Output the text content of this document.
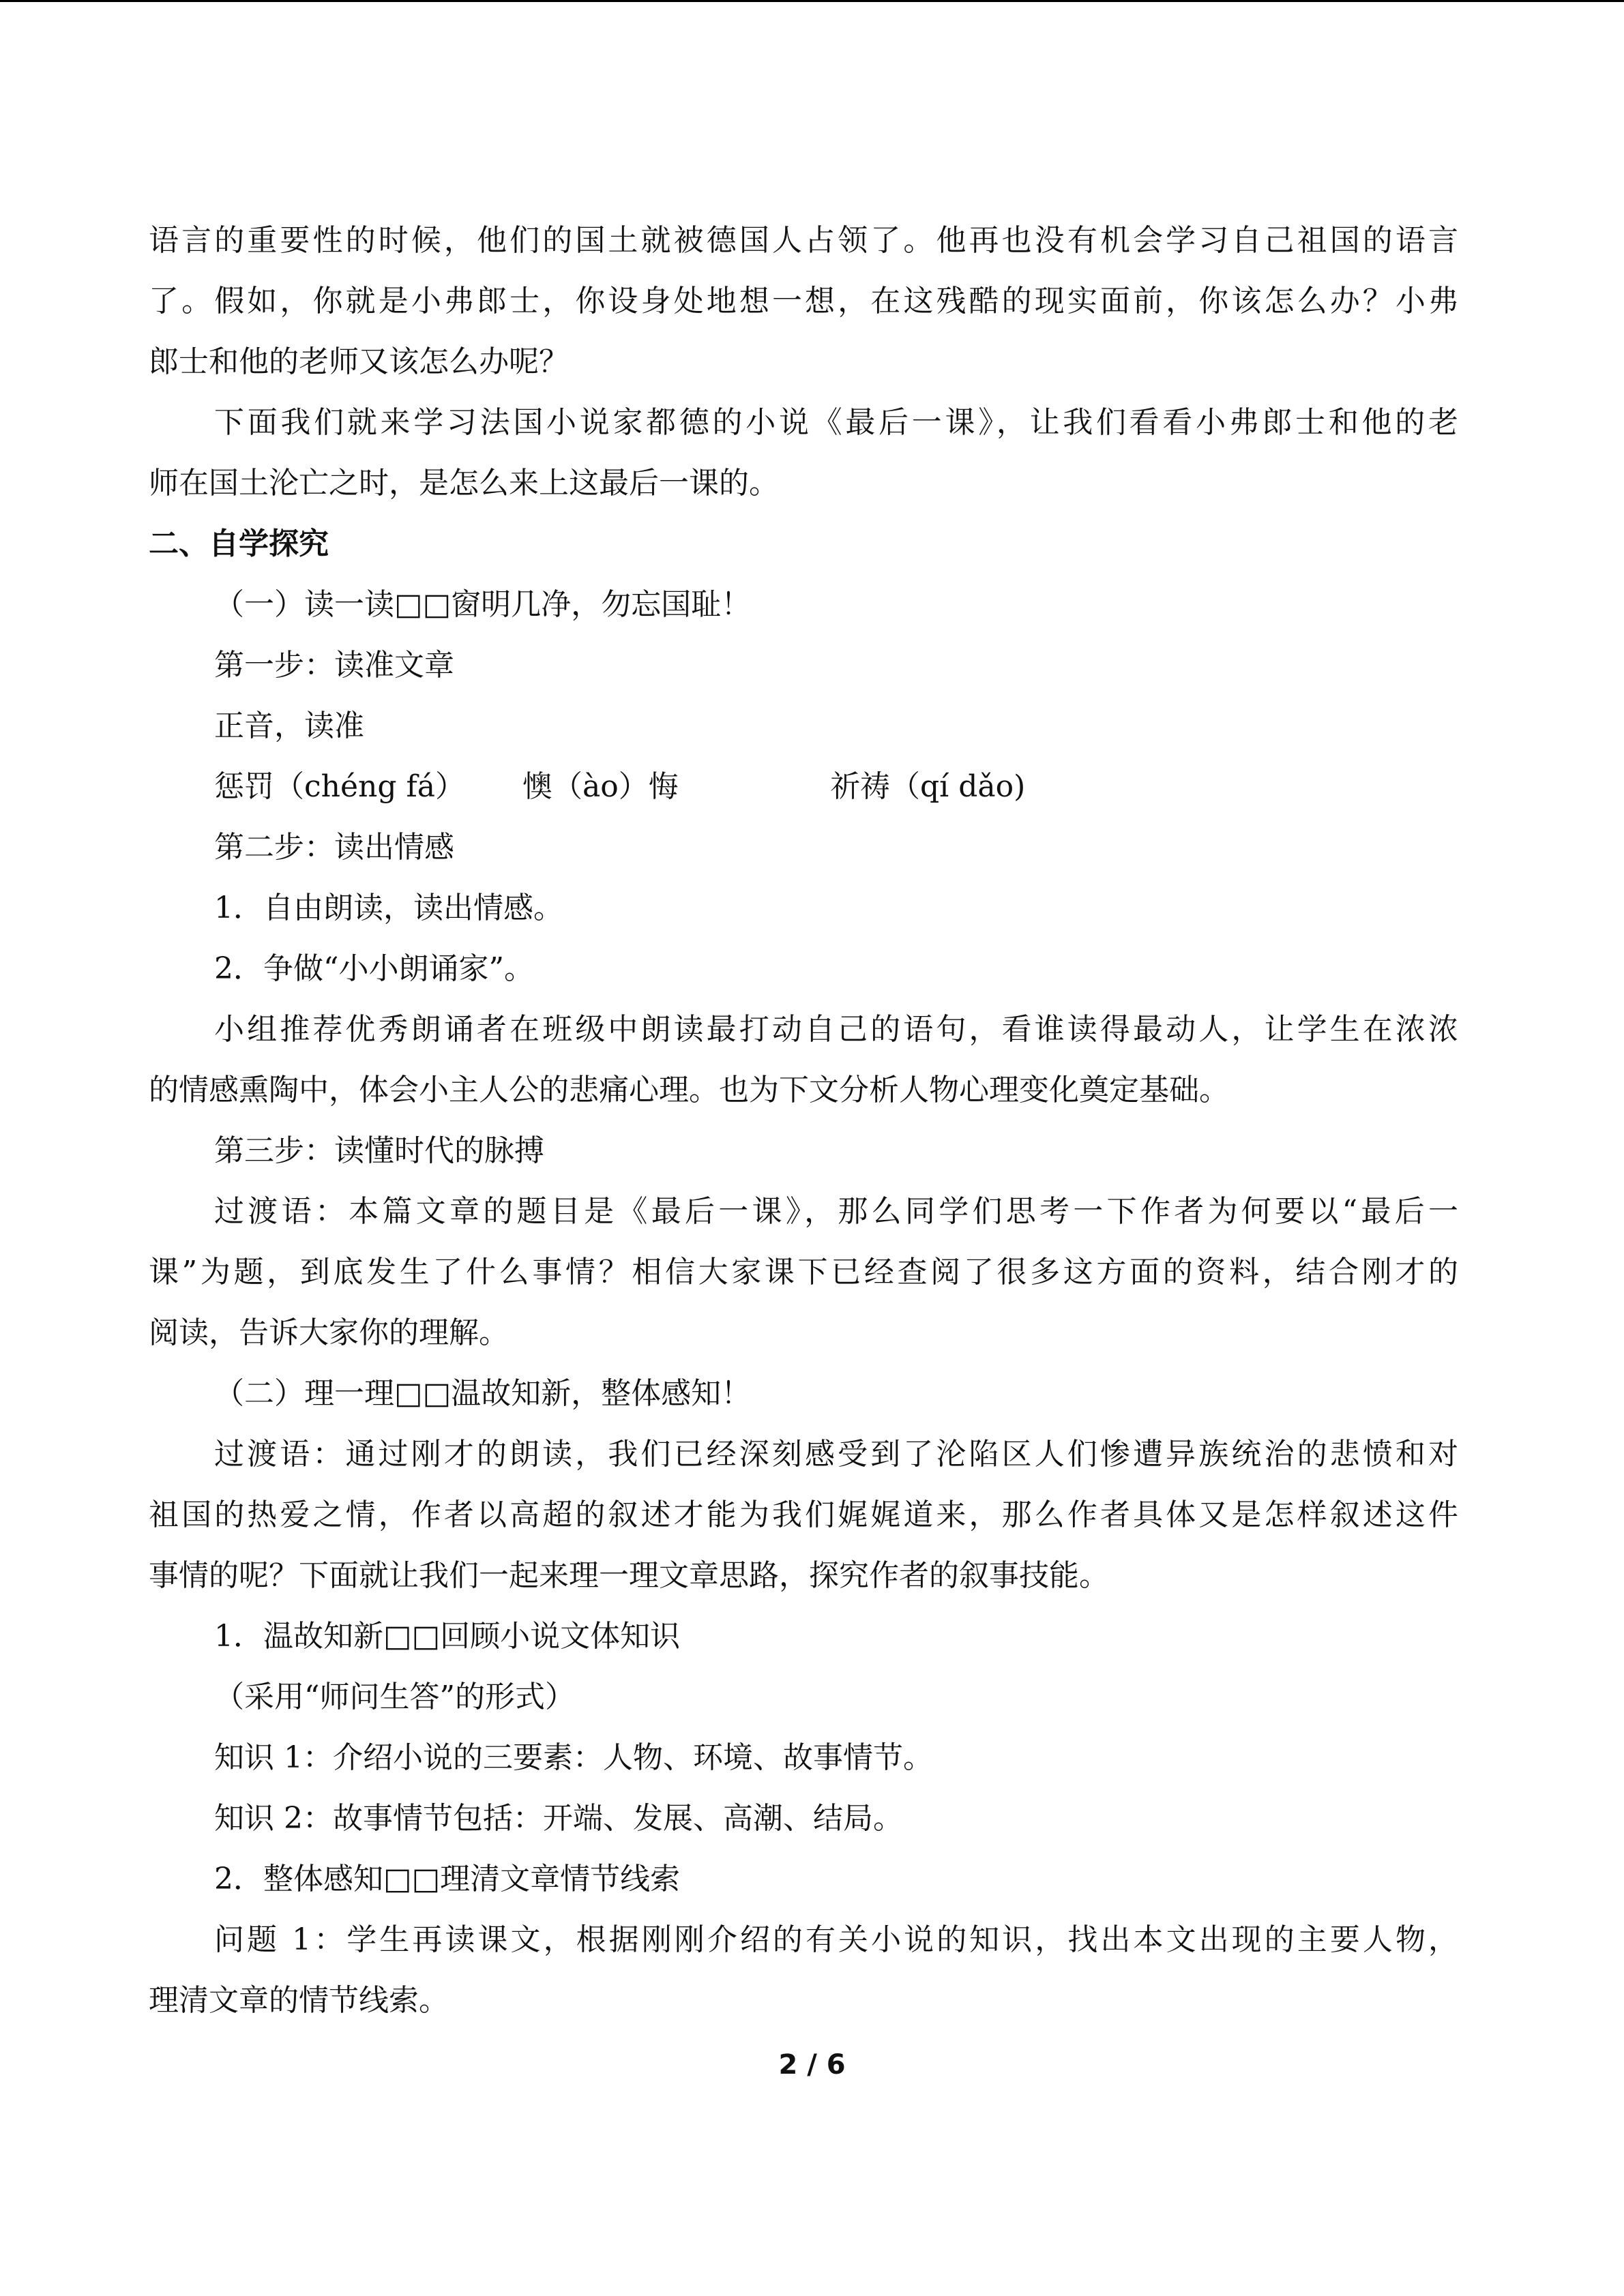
语言的重要性的时候，他们的国土就被德国人占领了。他再也没有机会学习自己祖国的语言
了。假如，你就是小弗郎士，你设身处地想一想，在这残酷的现实面前，你该怎么办？小弗
郎士和他的老师又该怎么办呢？
下面我们就来学习法国小说家都德的小说《最后一课》，让我们看看小弗郎士和他的老
师在国土沦亡之时，是怎么来上这最后一课的。
二、自学探究
（一）读一读□□窗明几净，勿忘国耻！
第一步：读准文章
正音，读准
惩罚（chéng fá） 懊（ào）悔	祈祷（qí dǎo)
第二步：读出情感
1．自由朗读，读出情感。
2．争做“小小朗诵家”。
小组推荐优秀朗诵者在班级中朗读最打动自己的语句，看谁读得最动人，让学生在浓浓
的情感熏陶中，体会小主人公的悲痛心理。也为下文分析人物心理变化奠定基础。
第三步：读懂时代的脉搏
过渡语：本篇文章的题目是《最后一课》，那么同学们思考一下作者为何要以“最后一
课”为题，到底发生了什么事情？相信大家课下已经查阅了很多这方面的资料，结合刚才的
阅读，告诉大家你的理解。
（二）理一理□□温故知新，整体感知！
过渡语：通过刚才的朗读，我们已经深刻感受到了沦陷区人们惨遭异族统治的悲愤和对
祖国的热爱之情，作者以高超的叙述才能为我们娓娓道来，那么作者具体又是怎样叙述这件
事情的呢？下面就让我们一起来理一理文章思路，探究作者的叙事技能。
1．温故知新□□回顾小说文体知识
（采用“师问生答”的形式）
知识 1：介绍小说的三要素：人物、环境、故事情节。
知识 2：故事情节包括：开端、发展、高潮、结局。
2．整体感知□□理清文章情节线索
问题 1：学生再读课文，根据刚刚介绍的有关小说的知识，找出本文出现的主要人物，
理清文章的情节线索。
2 / 6
